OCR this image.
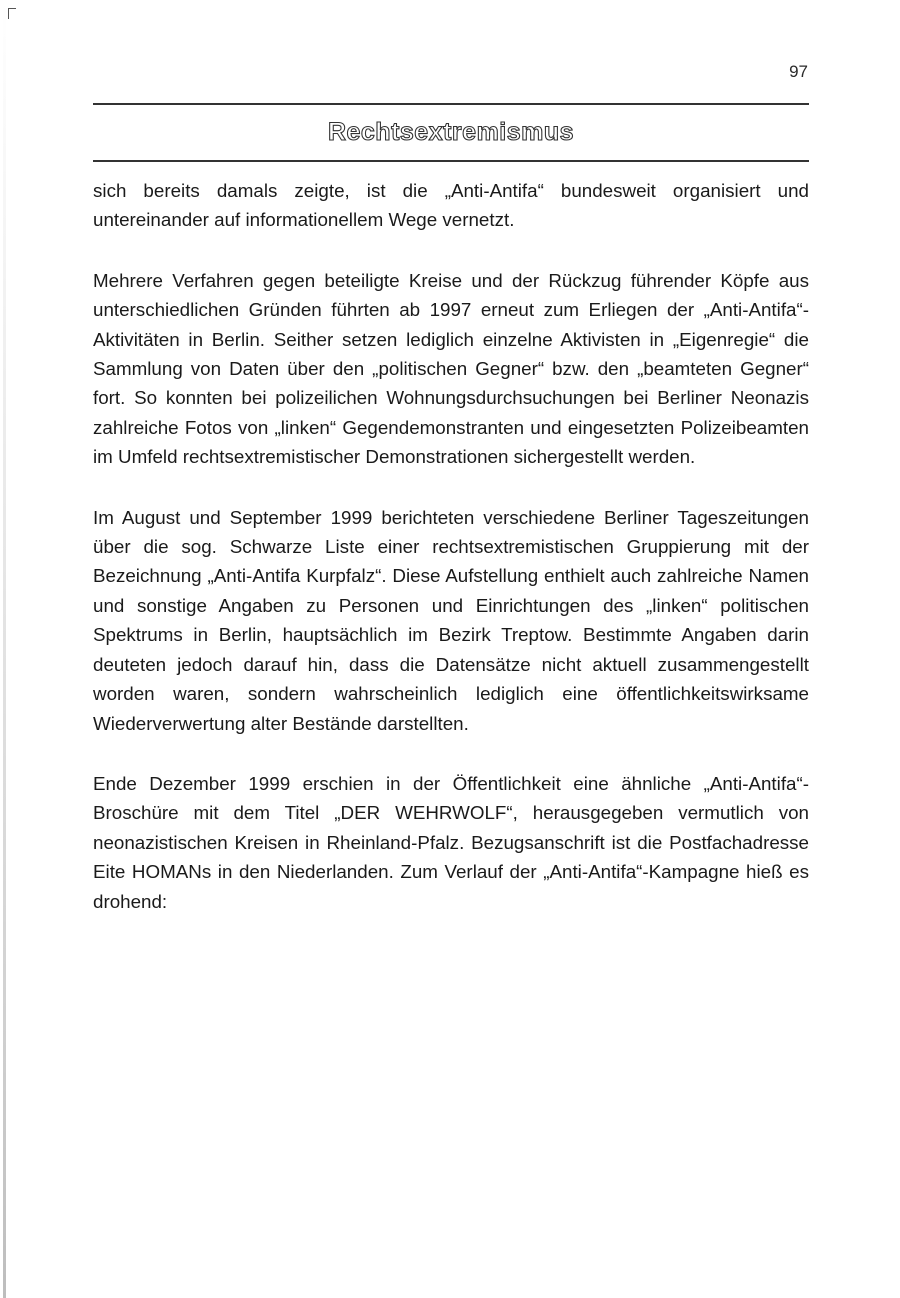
97
Rechtsextremismus

sich bereits damals zeigte, ist die „Anti-Antifa“ bundesweit organisiert und untereinander auf informationellem Wege vernetzt.

Mehrere Verfahren gegen beteiligte Kreise und der Rückzug führender Köpfe aus unterschiedlichen Gründen führten ab 1997 erneut zum Erliegen der „Anti-Antifa“-Aktivitäten in Berlin. Seither setzen lediglich einzelne Aktivisten in „Eigenregie“ die Sammlung von Daten über den „politischen Gegner“ bzw. den „beamteten Gegner“ fort. So konnten bei polizeilichen Wohnungsdurchsuchungen bei Berliner Neonazis zahlreiche Fotos von „linken“ Gegendemonstranten und eingesetzten Polizeibeamten im Umfeld rechtsextremistischer Demonstrationen sichergestellt werden.

Im August und September 1999 berichteten verschiedene Berliner Tageszeitungen über die sog. Schwarze Liste einer rechtsextremistischen Gruppierung mit der Bezeichnung „Anti-Antifa Kurpfalz“. Diese Aufstellung enthielt auch zahlreiche Namen und sonstige Angaben zu Personen und Einrichtungen des „linken“ politischen Spektrums in Berlin, hauptsächlich im Bezirk Treptow. Bestimmte Angaben darin deuteten jedoch darauf hin, dass die Datensätze nicht aktuell zusammengestellt worden waren, sondern wahrscheinlich lediglich eine öffentlichkeitswirksame Wiederverwertung alter Bestände darstellten.

Ende Dezember 1999 erschien in der Öffentlichkeit eine ähnliche „Anti-Antifa“-Broschüre mit dem Titel „DER WEHRWOLF“, herausgegeben vermutlich von neonazistischen Kreisen in Rheinland-Pfalz. Bezugsanschrift ist die Postfachadresse Eite HOMANs in den Niederlanden. Zum Verlauf der „Anti-Antifa“-Kampagne hieß es drohend:
